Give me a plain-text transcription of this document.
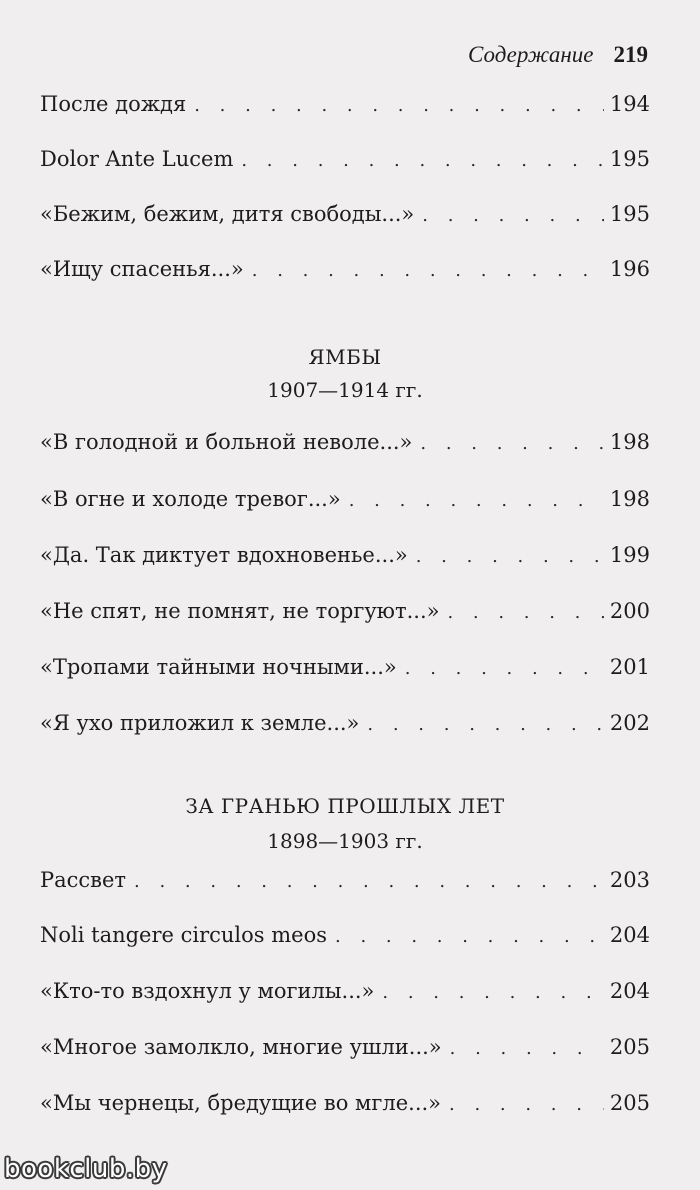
Содержание 219
После дождя . . .	194
Dolor Ante Lucem . . .	195
«Бежим, бежим, дитя свободы...» . . .	195
«Ищу спасенья...» . . .	196
ЯМБЫ
1907—1914 гг.
«В голодной и больной неволе...» . . .	198
«В огне и холоде тревог...» . . .	198
«Да. Так диктует вдохновенье...» . . .	199
«Не спят, не помнят, не торгуют...» . . .	200
«Тропами тайными ночными...» . . .	201
«Я ухо приложил к земле...» . . .	202
ЗА ГРАНЬЮ ПРОШЛЫХ ЛЕТ
1898—1903 гг.
Рассвет . . .	203
Noli tangere circulos meos . . .	204
«Кто-то вздохнул у могилы...» . . .	204
«Многое замолкло, многие ушли...» . . .	205
«Мы чернецы, бредущие во мгле...» . . .	205
bookclub.by
